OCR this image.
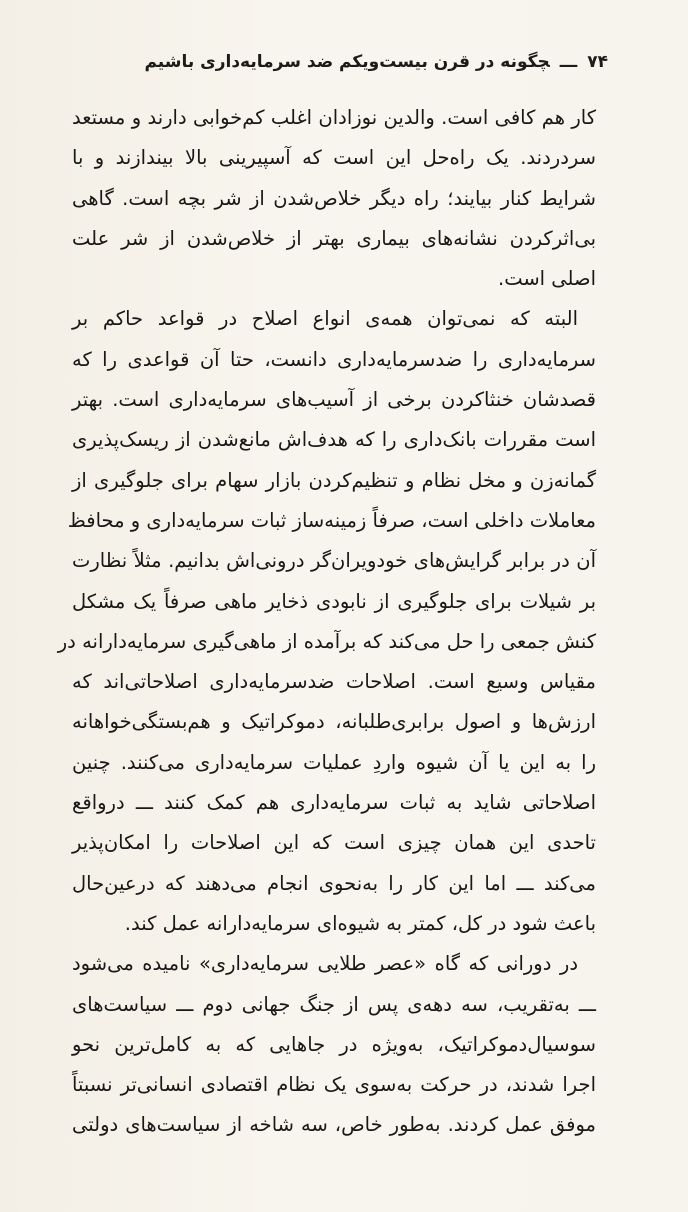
۷۴ـــچگونه در قرن بیست‌ویکم ضد سرمایه‌داری باشیم
کار هم کافی است. والدین نوزادان اغلب کم‌خوابی دارند و مستعد
سردردند. یک راه‌حل این است که آسپیرینی بالا بیندازند و با
شرایط کنار بیایند؛ راه دیگر خلاص‌شدن از شر بچه است. گاهی
بی‌اثرکردن نشانه‌های بیماری بهتر از خلاص‌شدن از شر علت
اصلی است.
البته که نمی‌توان همه‌ی انواع اصلاح در قواعد حاکم بر
سرمایه‌داری را ضدسرمایه‌داری دانست، حتا آن قواعدی را که
قصدشان خنثاکردن برخی از آسیب‌های سرمایه‌داری است. بهتر
است مقررات بانک‌داری را که هدف‌اش مانع‌شدن از ریسک‌پذیری
گمانه‌زن و مخل نظام و تنظیم‌کردن بازار سهام برای جلوگیری از
معاملات داخلی است، صرفاً زمینه‌ساز ثبات سرمایه‌داری و محافظ
آن در برابر گرایش‌های خودویران‌گر درونی‌اش بدانیم. مثلاً نظارت
بر شیلات برای جلوگیری از نابودی ذخایر ماهی صرفاً یک مشکل
کنش جمعی را حل می‌کند که برآمده از ماهی‌گیری سرمایه‌دارانه در
مقیاس وسیع است. اصلاحات ضدسرمایه‌داری اصلاحاتی‌اند که
ارزش‌ها و اصول برابری‌طلبانه، دموکراتیک و هم‌بستگی‌خواهانه
را به این یا آن شیوه واردِ عملیات سرمایه‌داری می‌کنند. چنین
اصلاحاتی شاید به ثبات سرمایه‌داری هم کمک کنند ـــ درواقع
تاحدی این همان چیزی است که این اصلاحات را امکان‌پذیر
می‌کند ـــ اما این کار را به‌نحوی انجام می‌دهند که درعین‌حال
باعث شود در کل، کمتر به شیوه‌ای سرمایه‌دارانه عمل کند.
در دورانی که گاه «عصر طلایی سرمایه‌داری» نامیده می‌شود
ـــ به‌تقریب، سه دهه‌ی پس از جنگ جهانی دوم ـــ سیاست‌های
سوسیال‌دموکراتیک، به‌ویژه در جاهایی که به کامل‌ترین نحو
اجرا شدند، در حرکت به‌سوی یک نظام اقتصادی انسانی‌تر نسبتاً
موفق عمل کردند. به‌طور خاص، سه شاخه از سیاست‌های دولتی
